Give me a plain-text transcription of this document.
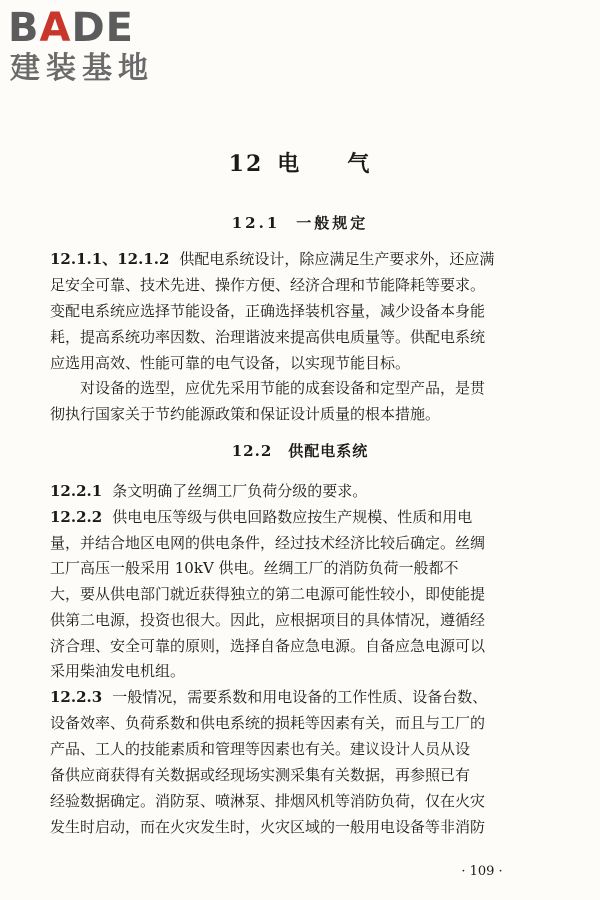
BADE
建装基地
12 电 气
12.1 一般规定
12.1.1、12.1.2 供配电系统设计，除应满足生产要求外，还应满
足安全可靠、技术先进、操作方便、经济合理和节能降耗等要求。
变配电系统应选择节能设备，正确选择装机容量，减少设备本身能
耗，提高系统功率因数、治理谐波来提高供电质量等。供配电系统
应选用高效、性能可靠的电气设备，以实现节能目标。
对设备的选型，应优先采用节能的成套设备和定型产品，是贯
彻执行国家关于节约能源政策和保证设计质量的根本措施。
12.2 供配电系统
12.2.1 条文明确了丝绸工厂负荷分级的要求。
12.2.2 供电电压等级与供电回路数应按生产规模、性质和用电
量，并结合地区电网的供电条件，经过技术经济比较后确定。丝绸
工厂高压一般采用 10kV 供电。丝绸工厂的消防负荷一般都不
大，要从供电部门就近获得独立的第二电源可能性较小，即使能提
供第二电源，投资也很大。因此，应根据项目的具体情况，遵循经
济合理、安全可靠的原则，选择自备应急电源。自备应急电源可以
采用柴油发电机组。
12.2.3 一般情况，需要系数和用电设备的工作性质、设备台数、
设备效率、负荷系数和供电系统的损耗等因素有关，而且与工厂的
产品、工人的技能素质和管理等因素也有关。建议设计人员从设
备供应商获得有关数据或经现场实测采集有关数据，再参照已有
经验数据确定。消防泵、喷淋泵、排烟风机等消防负荷，仅在火灾
发生时启动，而在火灾发生时，火灾区域的一般用电设备等非消防
· 109 ·
